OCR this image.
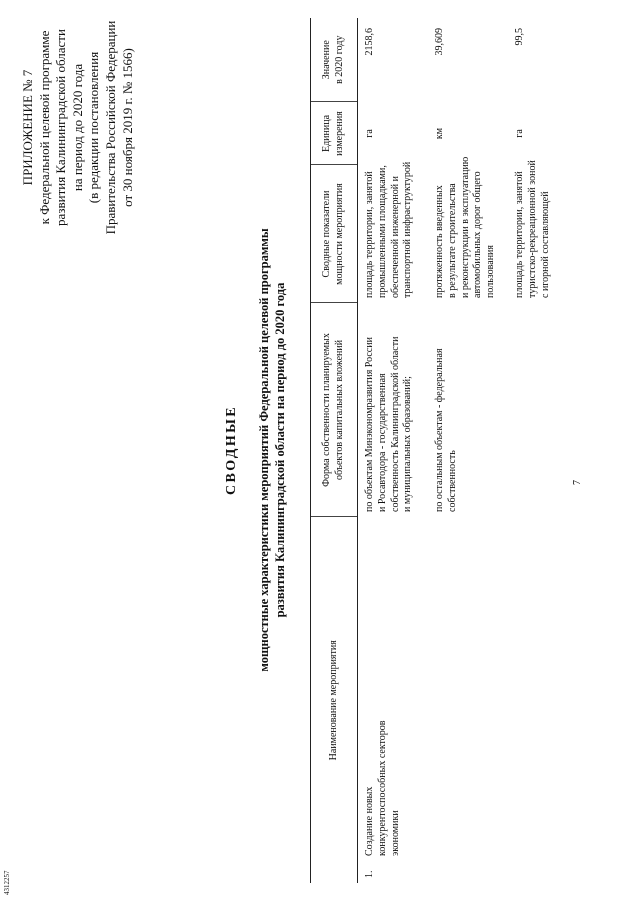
7
4312257
ПРИЛОЖЕНИЕ № 7 к Федеральной целевой программе развития Калининградской области на период до 2020 года (в редакции постановления Правительства Российской Федерации от 30 ноября 2019 г. № 1566)
СВОДНЫЕ мощностные характеристики мероприятий Федеральной целевой программы развития Калининградской области на период до 2020 года
Наименование мероприятия		Форма собственности планируемых объектов капитальных вложений	Сводные показатели мощности мероприятия	Единица измерения	Значение в 2020 году

1.
Создание новых конкурентоспособных секторов экономики		по объектам Минэкономразвития России и Росавтодора - государственная собственность Калининградской области и муниципальных образований;	площадь территории, занятой промышленными площадками, обеспеченной инженерной и транспортной инфраструктурой	га	2158,6

		по остальным объектам - федеральная собственность	протяженность введенных в результате строительства и реконструкции в эксплуатацию автомобильных дорог общего пользования	км	39,609

			площадь территории, занятой туристско-рекреационной зоной с игорной составляющей	га	99,5
